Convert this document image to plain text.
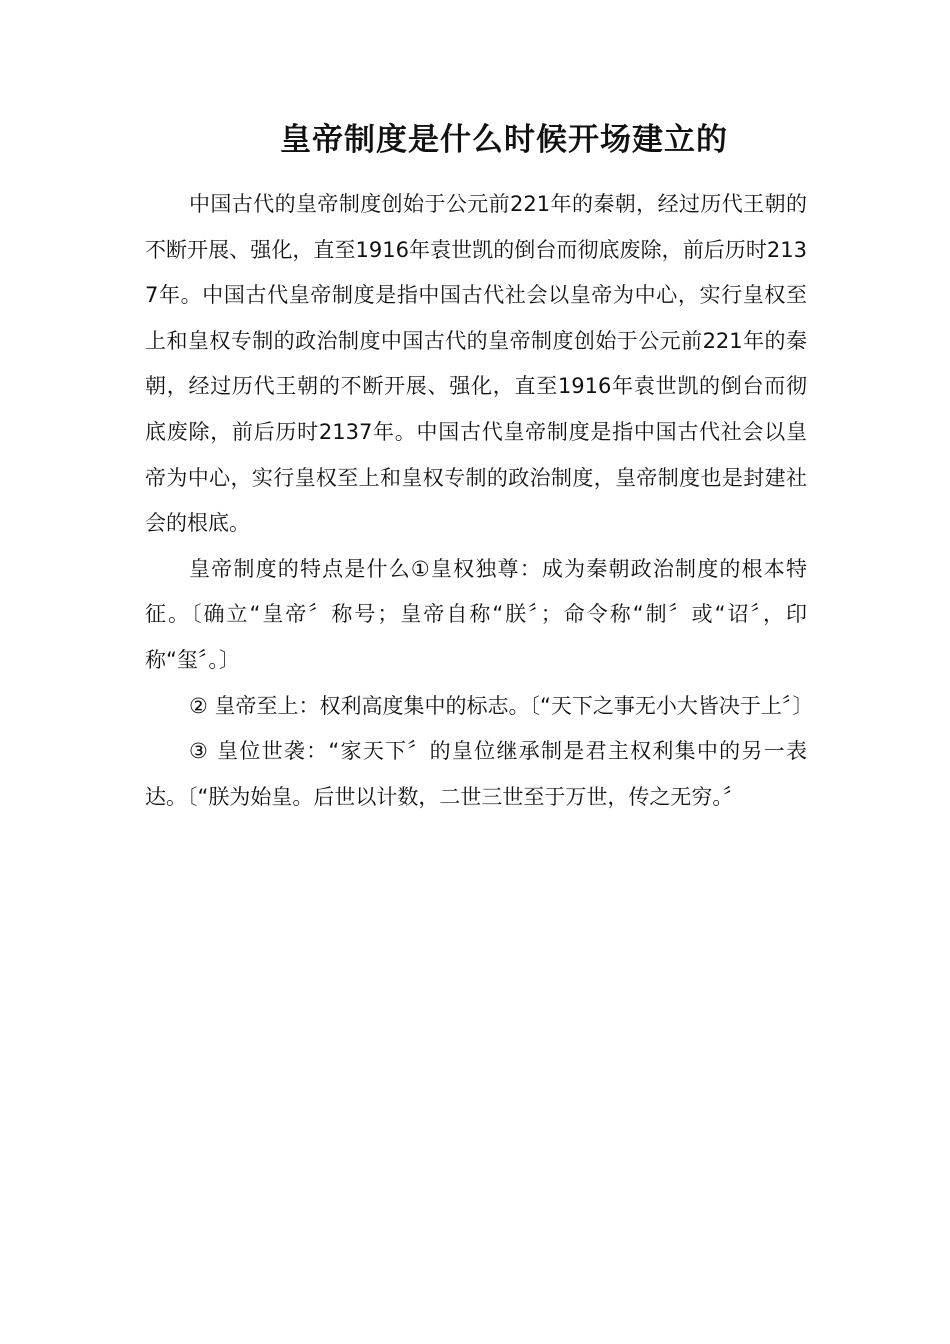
皇帝制度是什么时候开场建立的

中国古代的皇帝制度创始于公元前221年的秦朝，经过历代王朝的不断开展、强化，直至1916年袁世凯的倒台而彻底废除，前后历时2137年。中国古代皇帝制度是指中国古代社会以皇帝为中心，实行皇权至上和皇权专制的政治制度中国古代的皇帝制度创始于公元前221年的秦朝，经过历代王朝的不断开展、强化，直至1916年袁世凯的倒台而彻底废除，前后历时2137年。中国古代皇帝制度是指中国古代社会以皇帝为中心，实行皇权至上和皇权专制的政治制度，皇帝制度也是封建社会的根底。

皇帝制度的特点是什么①皇权独尊：成为秦朝政治制度的根本特征。〔确立“皇帝〞称号；皇帝自称“朕〞；命令称“制〞或“诏〞，印称“玺〞。〕

② 皇帝至上：权利高度集中的标志。〔“天下之事无小大皆决于上〞〕

③ 皇位世袭：“家天下〞的皇位继承制是君主权利集中的另一表达。〔“朕为始皇。后世以计数，二世三世至于万世，传之无穷。〞
